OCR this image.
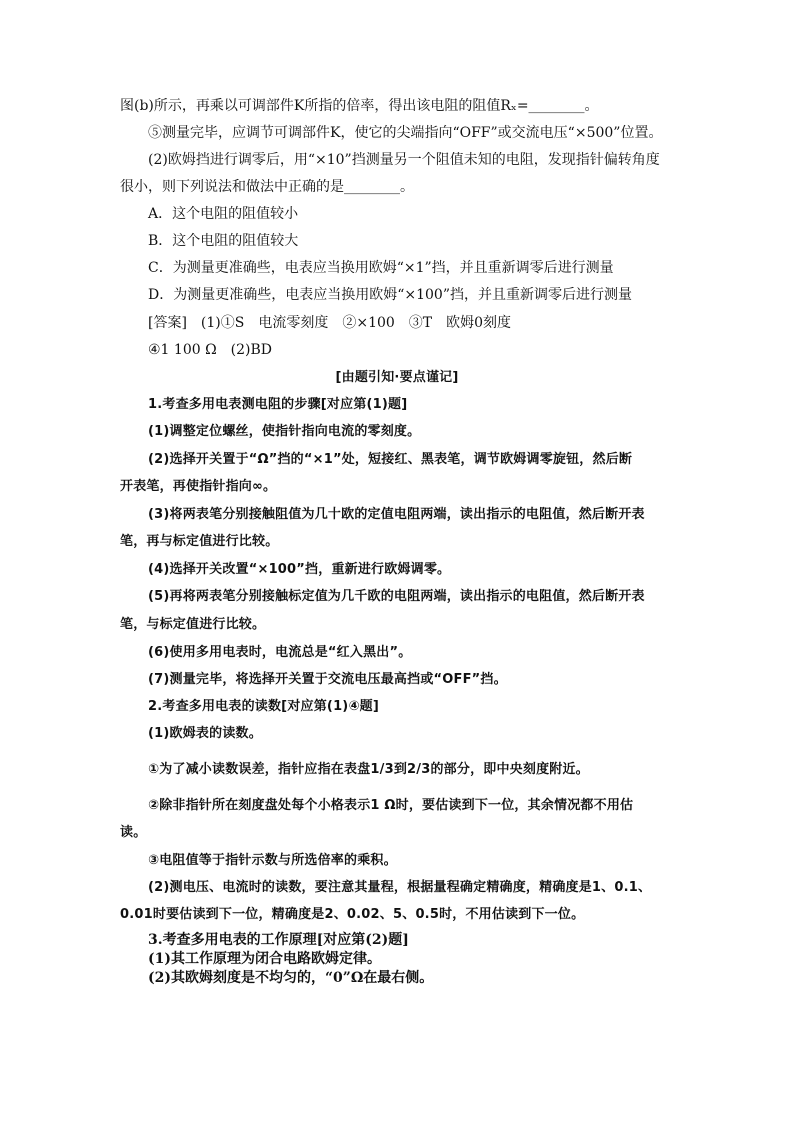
图(b)所示，再乘以可调部件K所指的倍率，得出该电阻的阻值Rₓ=________。
⑤测量完毕，应调节可调部件K，使它的尖端指向“OFF”或交流电压“×500”位置。
(2)欧姆挡进行调零后，用“×10”挡测量另一个阻值未知的电阻，发现指针偏转角度
很小，则下列说法和做法中正确的是________。
A．这个电阻的阻值较小
B．这个电阻的阻值较大
C．为测量更准确些，电表应当换用欧姆“×1”挡，并且重新调零后进行测量
D．为测量更准确些，电表应当换用欧姆“×100”挡，并且重新调零后进行测量
[答案]　(1)①S　电流零刻度　②×100　③T　欧姆0刻度
④1 100 Ω　(2)BD
[由题引知·要点谨记]
1.考查多用电表测电阻的步骤[对应第(1)题]
(1)调整定位螺丝，使指针指向电流的零刻度。
(2)选择开关置于“Ω”挡的“×1”处，短接红、黑表笔，调节欧姆调零旋钮，然后断
开表笔，再使指针指向∞。
(3)将两表笔分别接触阻值为几十欧的定值电阻两端，读出指示的电阻值，然后断开表
笔，再与标定值进行比较。
(4)选择开关改置“×100”挡，重新进行欧姆调零。
(5)再将两表笔分别接触标定值为几千欧的电阻两端，读出指示的电阻值，然后断开表
笔，与标定值进行比较。
(6)使用多用电表时，电流总是“红入黑出”。
(7)测量完毕，将选择开关置于交流电压最高挡或“OFF”挡。
2.考查多用电表的读数[对应第(1)④题]
(1)欧姆表的读数。
①为了减小读数误差，指针应指在表盘1/3到2/3的部分，即中央刻度附近。
②除非指针所在刻度盘处每个小格表示1 Ω时，要估读到下一位，其余情况都不用估
读。
③电阻值等于指针示数与所选倍率的乘积。
(2)测电压、电流时的读数，要注意其量程，根据量程确定精确度，精确度是1、0.1、
0.01时要估读到下一位，精确度是2、0.02、5、0.5时，不用估读到下一位。
3.考查多用电表的工作原理[对应第(2)题]
(1)其工作原理为闭合电路欧姆定律。
(2)其欧姆刻度是不均匀的，“0”Ω在最右侧。
